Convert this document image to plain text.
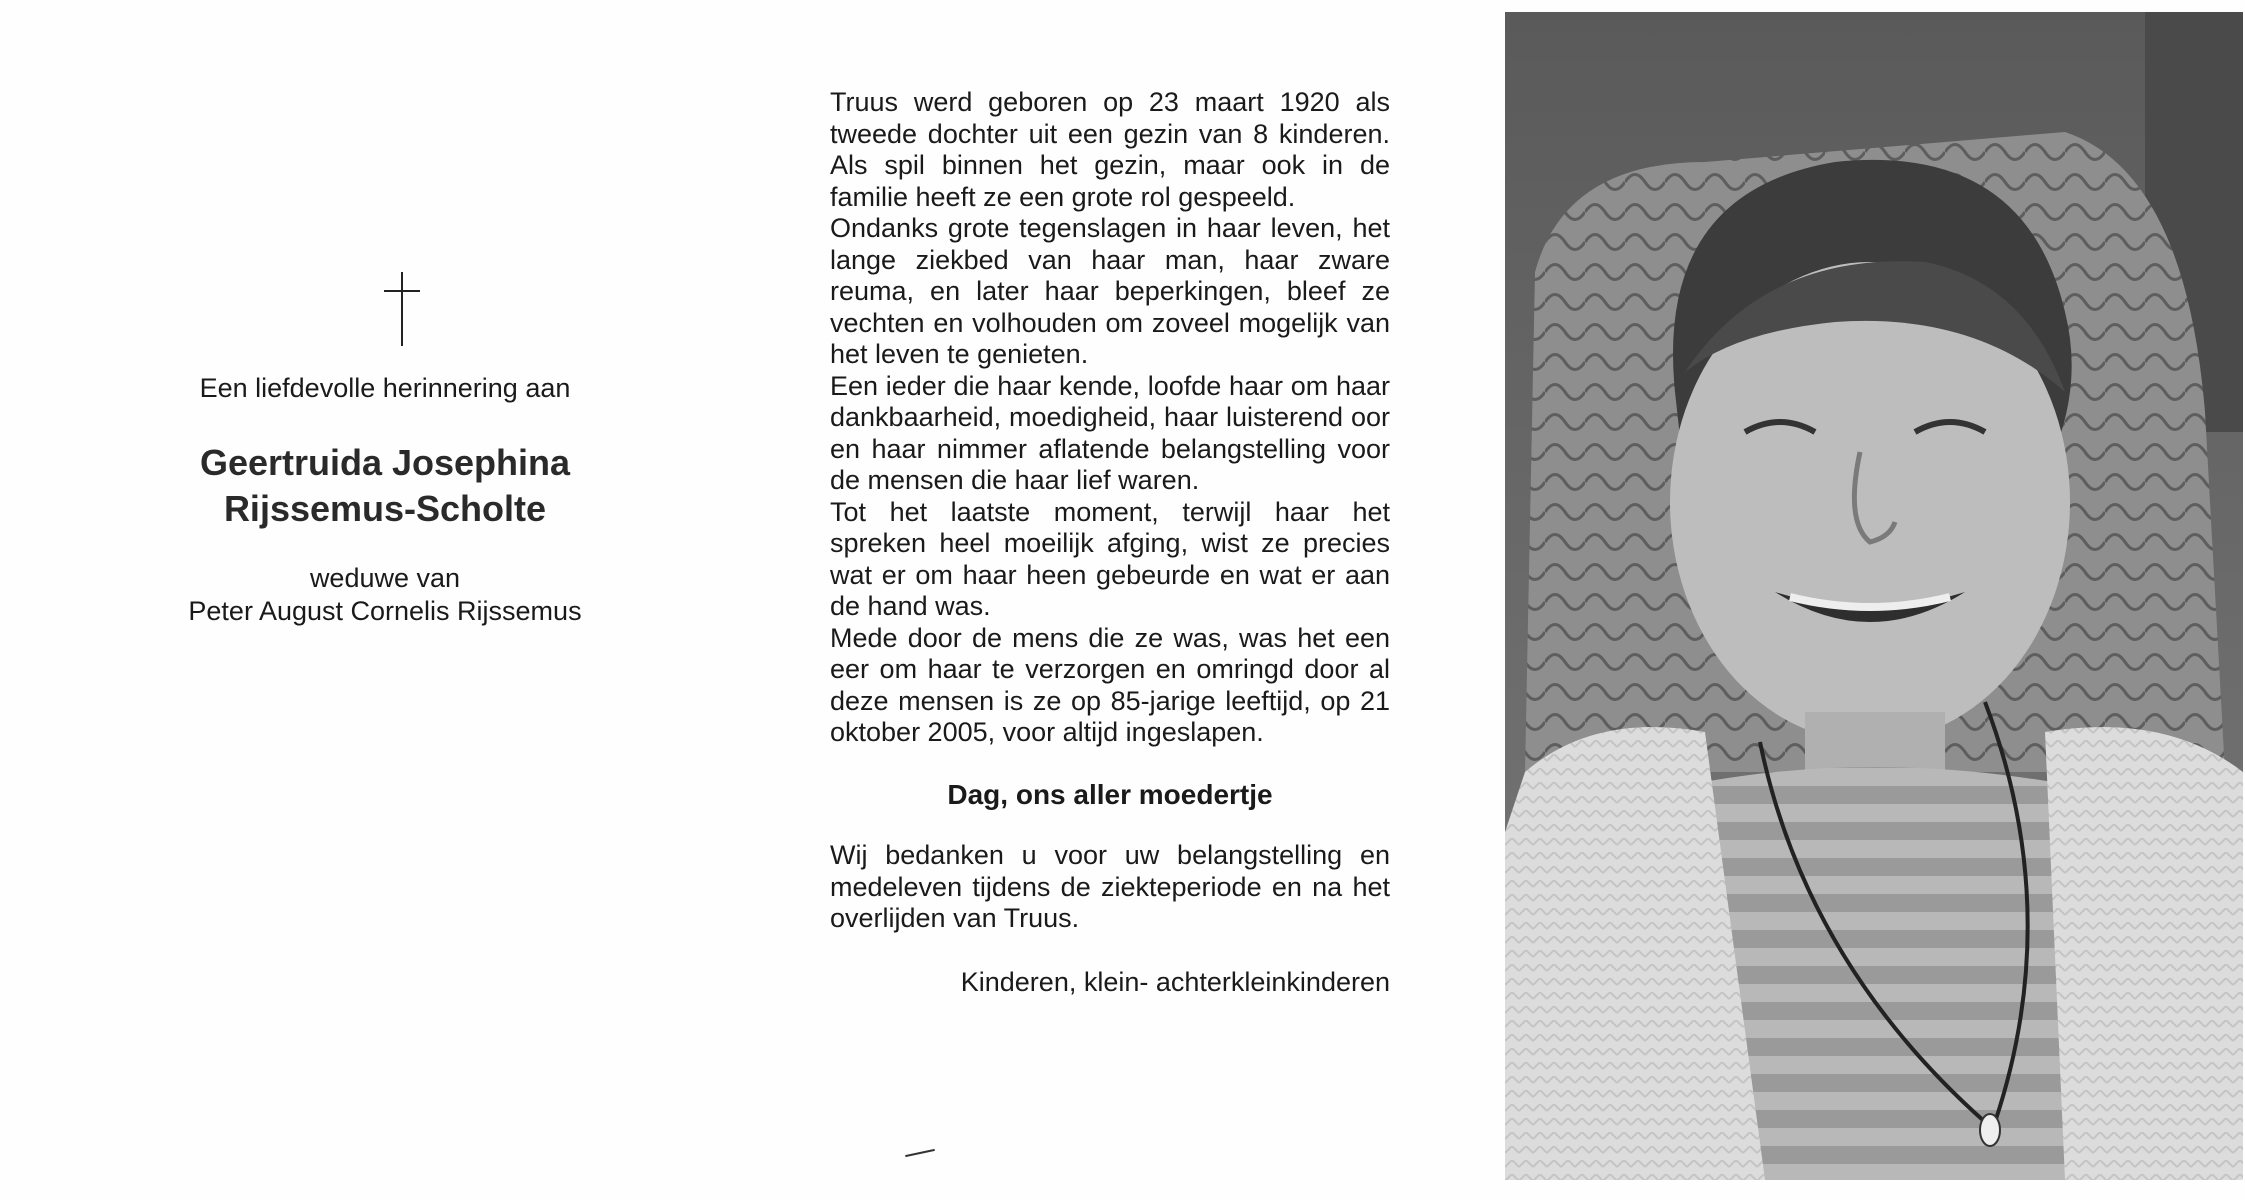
Een liefdevolle herinnering aan
Geertruida Josephina
Rijssemus-Scholte
weduwe van
Peter August Cornelis Rijssemus

Truus werd geboren op 23 maart 1920 als tweede dochter uit een gezin van 8 kinderen. Als spil binnen het gezin, maar ook in de familie heeft ze een grote rol gespeeld.

Ondanks grote tegenslagen in haar leven, het lange ziekbed van haar man, haar zware reuma, en later haar beperkingen, bleef ze vechten en volhouden om zoveel mogelijk van het leven te genieten.

Een ieder die haar kende, loofde haar om haar dankbaarheid, moedigheid, haar luisterend oor en haar nimmer aflatende belangstelling voor de mensen die haar lief waren.

Tot het laatste moment, terwijl haar het spreken heel moeilijk afging, wist ze precies wat er om haar heen gebeurde en wat er aan de hand was.

Mede door de mens die ze was, was het een eer om haar te verzorgen en omringd door al deze mensen is ze op 85-jarige leeftijd, op 21 oktober 2005, voor altijd ingeslapen.

Dag, ons aller moedertje
Wij bedanken u voor uw belangstelling en medeleven tijdens de ziekteperiode en na het overlijden van Truus.
Kinderen, klein- achterkleinkinderen
